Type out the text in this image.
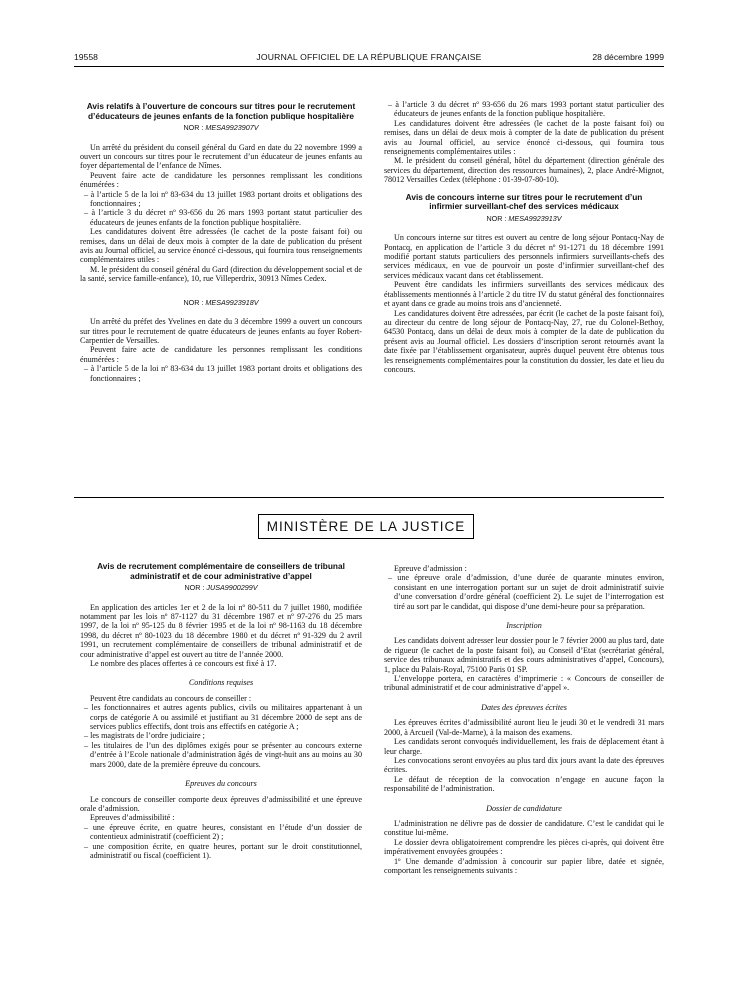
19558	JOURNAL OFFICIEL DE LA RÉPUBLIQUE FRANÇAISE	28 décembre 1999
Avis relatifs à l’ouverture de concours sur titres pour le recrutement d’éducateurs de jeunes enfants de la fonction publique hospitalière
NOR : MESA9923907V

Un arrêté du président du conseil général du Gard en date du 22 novembre 1999 a ouvert un concours sur titres pour le recrutement d’un éducateur de jeunes enfants au foyer départemental de l’enfance de Nîmes.

Peuvent faire acte de candidature les personnes remplissant les conditions énumérées :

– à l’article 5 de la loi nº 83-634 du 13 juillet 1983 portant droits et obligations des fonctionnaires ;
– à l’article 3 du décret nº 93-656 du 26 mars 1993 portant statut particulier des éducateurs de jeunes enfants de la fonction publique hospitalière.

Les candidatures doivent être adressées (le cachet de la poste faisant foi) ou remises, dans un délai de deux mois à compter de la date de publication du présent avis au Journal officiel, au service énoncé ci-dessous, qui fournira tous renseignements complémentaires utiles :

M. le président du conseil général du Gard (direction du développement social et de la santé, service famille-enfance), 10, rue Villeperdrix, 30913 Nîmes Cedex.

NOR : MESA9923918V

Un arrêté du préfet des Yvelines en date du 3 décembre 1999 a ouvert un concours sur titres pour le recrutement de quatre éducateurs de jeunes enfants au foyer Robert-Carpentier de Versailles.

Peuvent faire acte de candidature les personnes remplissant les conditions énumérées :

– à l’article 5 de la loi nº 83-634 du 13 juillet 1983 portant droits et obligations des fonctionnaires ;
– à l’article 3 du décret nº 93-656 du 26 mars 1993 portant statut particulier des éducateurs de jeunes enfants de la fonction publique hospitalière.

Les candidatures doivent être adressées (le cachet de la poste faisant foi) ou remises, dans un délai de deux mois à compter de la date de publication du présent avis au Journal officiel, au service énoncé ci-dessous, qui fournira tous renseignements complémentaires utiles :

M. le président du conseil général, hôtel du département (direction générale des services du département, direction des ressources humaines), 2, place André-Mignot, 78012 Versailles Cedex (téléphone : 01-39-07-80-10).

Avis de concours interne sur titres pour le recrutement d’un infirmier surveillant-chef des services médicaux
NOR : MESA9923913V

Un concours interne sur titres est ouvert au centre de long séjour Pontacq-Nay de Pontacq, en application de l’article 3 du décret nº 91-1271 du 18 décembre 1991 modifié portant statuts particuliers des personnels infirmiers surveillants-chefs des services médicaux, en vue de pourvoir un poste d’infirmier surveillant-chef des services médicaux vacant dans cet établissement.

Peuvent être candidats les infirmiers surveillants des services médicaux des établissements mentionnés à l’article 2 du titre IV du statut général des fonctionnaires et ayant dans ce grade au moins trois ans d’ancienneté.

Les candidatures doivent être adressées, par écrit (le cachet de la poste faisant foi), au directeur du centre de long séjour de Pontacq-Nay, 27, rue du Colonel-Bethoy, 64530 Pontacq, dans un délai de deux mois à compter de la date de publication du présent avis au Journal officiel. Les dossiers d’inscription seront retournés avant la date fixée par l’établissement organisateur, auprès duquel peuvent être obtenus tous les renseignements complémentaires pour la constitution du dossier, les date et lieu du concours.

MINISTÈRE DE LA JUSTICE
Avis de recrutement complémentaire de conseillers de tribunal administratif et de cour administrative d’appel
NOR : JUSA9900299V

En application des articles 1er et 2 de la loi nº 80-511 du 7 juillet 1980, modifiée notamment par les lois nº 87-1127 du 31 décembre 1987 et nº 97-276 du 25 mars 1997, de la loi nº 95-125 du 8 février 1995 et de la loi nº 98-1163 du 18 décembre 1998, du décret nº 80-1023 du 18 décembre 1980 et du décret nº 91-329 du 2 avril 1991, un recrutement complémentaire de conseillers de tribunal administratif et de cour administrative d’appel est ouvert au titre de l’année 2000.

Le nombre des places offertes à ce concours est fixé à 17.

Conditions requises

Peuvent être candidats au concours de conseiller :

– les fonctionnaires et autres agents publics, civils ou militaires appartenant à un corps de catégorie A ou assimilé et justifiant au 31 décembre 2000 de sept ans de services publics effectifs, dont trois ans effectifs en catégorie A ;
– les magistrats de l’ordre judiciaire ;
– les titulaires de l’un des diplômes exigés pour se présenter au concours externe d’entrée à l’Ecole nationale d’administration âgés de vingt-huit ans au moins au 30 mars 2000, date de la première épreuve du concours.
Epreuves du concours

Le concours de conseiller comporte deux épreuves d’admissibilité et une épreuve orale d’admission.

Epreuves d’admissibilité :

– une épreuve écrite, en quatre heures, consistant en l’étude d’un dossier de contentieux administratif (coefficient 2) ;
– une composition écrite, en quatre heures, portant sur le droit constitutionnel, administratif ou fiscal (coefficient 1).

Epreuve d’admission :

– une épreuve orale d’admission, d’une durée de quarante minutes environ, consistant en une interrogation portant sur un sujet de droit administratif suivie d’une conversation d’ordre général (coefficient 2). Le sujet de l’interrogation est tiré au sort par le candidat, qui dispose d’une demi-heure pour sa préparation.
Inscription

Les candidats doivent adresser leur dossier pour le 7 février 2000 au plus tard, date de rigueur (le cachet de la poste faisant foi), au Conseil d’Etat (secrétariat général, service des tribunaux administratifs et des cours administratives d’appel, Concours), 1, place du Palais-Royal, 75100 Paris 01 SP.

L’enveloppe portera, en caractères d’imprimerie : « Concours de conseiller de tribunal administratif et de cour administrative d’appel ».

Dates des épreuves écrites

Les épreuves écrites d’admissibilité auront lieu le jeudi 30 et le vendredi 31 mars 2000, à Arcueil (Val-de-Marne), à la maison des examens.

Les candidats seront convoqués individuellement, les frais de déplacement étant à leur charge.

Les convocations seront envoyées au plus tard dix jours avant la date des épreuves écrites.

Le défaut de réception de la convocation n’engage en aucune façon la responsabilité de l’administration.

Dossier de candidature

L’administration ne délivre pas de dossier de candidature. C’est le candidat qui le constitue lui-même.

Le dossier devra obligatoirement comprendre les pièces ci-après, qui doivent être impérativement envoyées groupées :

1º Une demande d’admission à concourir sur papier libre, datée et signée, comportant les renseignements suivants :
